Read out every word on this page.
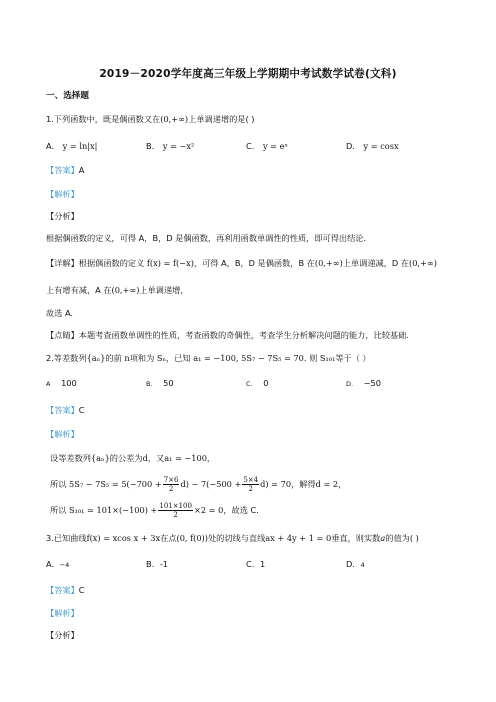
2019－2020学年度高三年级上学期期中考试数学试卷(文科)
一、选择题
1.下列函数中，既是偶函数又在(0,+∞)上单调递增的是( )
A. y = ln|x|	B. y = −x²	C. y = eˣ	D. y = cosx
【答案】A
【解析】
【分析】
根据偶函数的定义，可得 A，B，D 是偶函数，再利用函数单调性的性质，即可得出结论.
【详解】根据偶函数的定义 f(x) = f(−x)，可得 A，B，D 是偶函数，B 在(0,+∞)上单调递减，D 在(0,+∞)
上有增有减，A 在(0,+∞)上单调递增，
故选 A.
【点睛】本题考查函数单调性的性质，考查函数的奇偶性，考查学生分析解决问题的能力，比较基础.
2.等差数列{aₙ}的前 n项和为 Sₙ，已知 a₁ = −100, 5S₇ − 7S₅ = 70. 则 S₁₀₁等于（ ）
A 100	B. 50	C. 0	D. −50
【答案】C
【解析】
设等差数列{aₙ}的公差为d，又a₁ = −100，
所以 $5S_7 - 7S_5 = 5(-700 + \frac{7\times 6}{2} d) - 7(-500 + \frac{5\times 4}{2} d) = 70$，解得d = 2，
所以 $S_{101} = 101\times(-100) + \frac{101\times 100}{2} \times 2 = 0$，故选 C.
3.已知曲线f(x) = xcos x + 3x在点(0, f(0))处的切线与直线ax + 4y + 1 = 0垂直，则实数a的值为( )
A. −4	B. -1	C. 1	D. 4
【答案】C
【解析】
【分析】
